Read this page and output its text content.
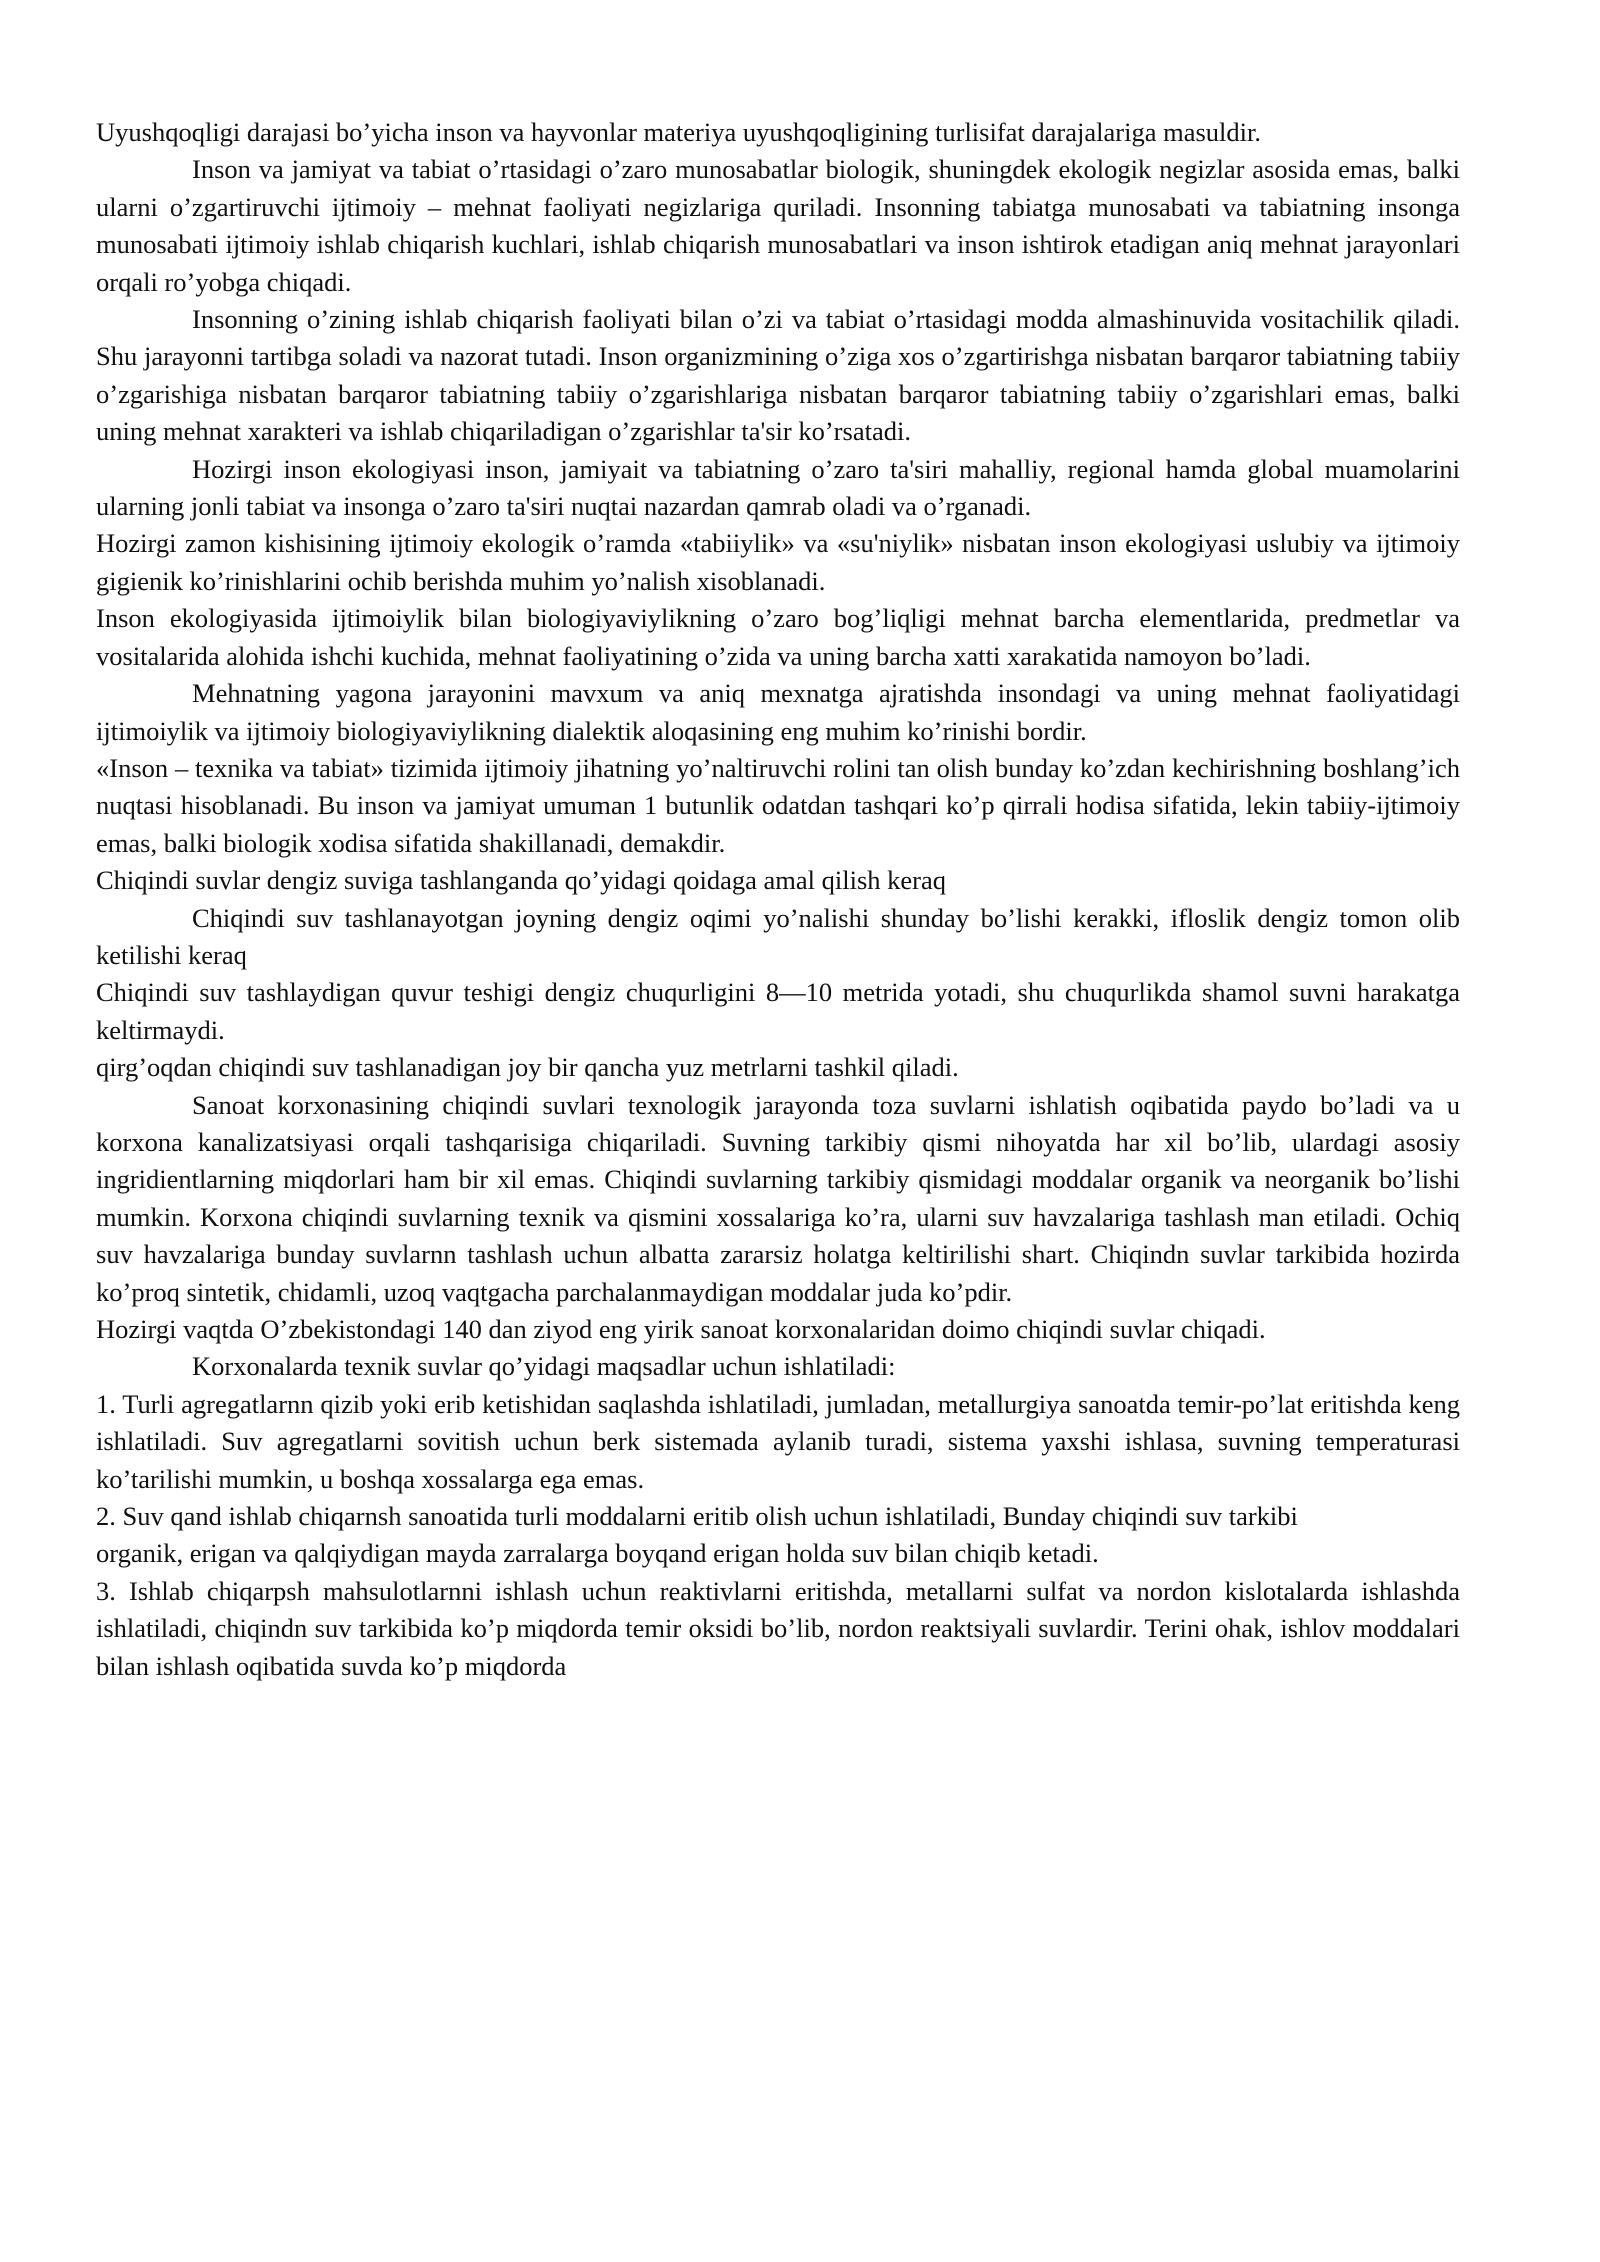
Uyushqoqligi darajasi bo’yicha inson va hayvonlar materiya uyushqoqligining turlisifat darajalariga masuldir.

Inson va jamiyat va tabiat o’rtasidagi o’zaro munosabatlar biologik, shuningdek ekologik negizlar asosida emas, balki ularni o’zgartiruvchi ijtimoiy – mehnat faoliyati negizlariga quriladi. Insonning tabiatga munosabati va tabiatning insonga munosabati ijtimoiy ishlab chiqarish kuchlari, ishlab chiqarish munosabatlari va inson ishtirok etadigan aniq mehnat jarayonlari orqali ro’yobga chiqadi.

Insonning o’zining ishlab chiqarish faoliyati bilan o’zi va tabiat o’rtasidagi modda almashinuvida vositachilik qiladi. Shu jarayonni tartibga soladi va nazorat tutadi. Inson organizmining o’ziga xos o’zgartirishga nisbatan barqaror tabiatning tabiiy o’zgarishiga nisbatan barqaror tabiatning tabiiy o’zgarishlariga nisbatan barqaror tabiatning tabiiy o’zgarishlari emas, balki uning mehnat xarakteri va ishlab chiqariladigan o’zgarishlar ta'sir ko’rsatadi.

Hozirgi inson ekologiyasi inson, jamiyait va tabiatning o’zaro ta'siri mahalliy, regional hamda global muamolarini ularning jonli tabiat va insonga o’zaro ta'siri nuqtai nazardan qamrab oladi va o’rganadi.

Hozirgi zamon kishisining ijtimoiy ekologik o’ramda «tabiiylik» va «su'niylik» nisbatan inson ekologiyasi uslubiy va ijtimoiy gigienik ko’rinishlarini ochib berishda muhim yo’nalish xisoblanadi.

Inson ekologiyasida ijtimoiylik bilan biologiyaviylikning o’zaro bog’liqligi mehnat barcha elementlarida, predmetlar va vositalarida alohida ishchi kuchida, mehnat faoliyatining o’zida va uning barcha xatti xarakatida namoyon bo’ladi.

Mehnatning yagona jarayonini mavxum va aniq mexnatga ajratishda insondagi va uning mehnat faoliyatidagi ijtimoiylik va ijtimoiy biologiyaviylikning dialektik aloqasining eng muhim ko’rinishi bordir.

«Inson – texnika va tabiat» tizimida ijtimoiy jihatning yo’naltiruvchi rolini tan olish bunday ko’zdan kechirishning boshlang’ich nuqtasi hisoblanadi. Bu inson va jamiyat umuman 1 butunlik odatdan tashqari ko’p qirrali hodisa sifatida, lekin tabiiy-ijtimoiy emas, balki biologik xodisa sifatida shakillanadi, demakdir.

Chiqindi suvlar dengiz suviga tashlanganda qo’yidagi qoidaga amal qilish keraq

Chiqindi suv tashlanayotgan joyning dengiz oqimi yo’nalishi shunday bo’lishi kerakki, ifloslik dengiz tomon olib ketilishi keraq

Chiqindi suv tashlaydigan quvur teshigi dengiz chuqurligini 8—10 metrida yotadi, shu chuqurlikda shamol suvni harakatga keltirmaydi.

qirg’oqdan chiqindi suv tashlanadigan joy bir qancha yuz metrlarni tashkil qiladi.

Sanoat korxonasining chiqindi suvlari texnologik jarayonda toza suvlarni ishlatish oqibatida paydo bo’ladi va u korxona kanalizatsiyasi orqali tashqarisiga chiqariladi. Suvning tarkibiy qismi nihoyatda har xil bo’lib, ulardagi asosiy ingridientlarning miqdorlari ham bir xil emas. Chiqindi suvlarning tarkibiy qismidagi moddalar organik va neorganik bo’lishi mumkin. Korxona chiqindi suvlarning texnik va qismini xossalariga ko’ra, ularni suv havzalariga tashlash man etiladi. Ochiq suv havzalariga bunday suvlarnn tashlash uchun albatta zararsiz holatga keltirilishi shart. Chiqindn suvlar tarkibida hozirda ko’proq sintetik, chidamli, uzoq vaqtgacha parchalanmaydigan moddalar juda ko’pdir.

Hozirgi vaqtda O’zbekistondagi 140 dan ziyod eng yirik sanoat korxonalaridan doimo chiqindi suvlar chiqadi.

Korxonalarda texnik suvlar qo’yidagi maqsadlar uchun ishlatiladi:

1. Turli agregatlarnn qizib yoki erib ketishidan saqlashda ishlatiladi, jumladan, metallurgiya sanoatda temir-po’lat eritishda keng ishlatiladi. Suv agregatlarni sovitish uchun berk sistemada aylanib turadi, sistema yaxshi ishlasa, suvning temperaturasi ko’tarilishi mumkin, u boshqa xossalarga ega emas.

2. Suv qand ishlab chiqarnsh sanoatida turli moddalarni eritib olish uchun ishlatiladi, Bunday chiqindi suv tarkibi

organik, erigan va qalqiydigan mayda zarralarga boyqand erigan holda suv bilan chiqib ketadi.

3. Ishlab chiqarpsh mahsulotlarnni ishlash uchun reaktivlarni eritishda, metallarni sulfat va nordon kislotalarda ishlashda ishlatiladi, chiqindn suv tarkibida ko’p miqdorda temir oksidi bo’lib, nordon reaktsiyali suvlardir. Terini ohak, ishlov moddalari bilan ishlash oqibatida suvda ko’p miqdorda
